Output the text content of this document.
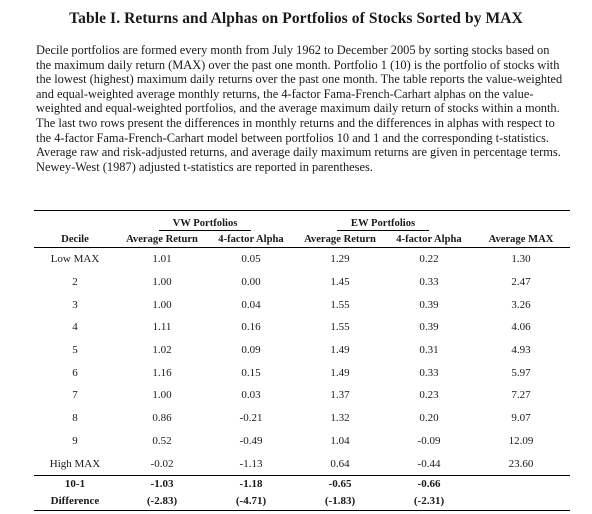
Table I. Returns and Alphas on Portfolios of Stocks Sorted by MAX
Decile portfolios are formed every month from July 1962 to December 2005 by sorting stocks based on
the maximum daily return (MAX) over the past one month. Portfolio 1 (10) is the portfolio of stocks with
the lowest (highest) maximum daily returns over the past one month. The table reports the value-weighted
and equal-weighted average monthly returns, the 4-factor Fama-French-Carhart alphas on the value-
weighted and equal-weighted portfolios, and the average maximum daily return of stocks within a month.
The last two rows present the differences in monthly returns and the differences in alphas with respect to
the 4-factor Fama-French-Carhart model between portfolios 10 and 1 and the corresponding t-statistics.
Average raw and risk-adjusted returns, and average daily maximum returns are given in percentage terms.
Newey-West (1987) adjusted t-statistics are reported in parentheses.

	VW Portfolios		EW Portfolios		
Decile	Average Return	4-factor Alpha	Average Return	4-factor Alpha	Average MAX
Low MAX	1.01	0.05	1.29	0.22	1.30
2	1.00	0.00	1.45	0.33	2.47
3	1.00	0.04	1.55	0.39	3.26
4	1.11	0.16	1.55	0.39	4.06
5	1.02	0.09	1.49	0.31	4.93
6	1.16	0.15	1.49	0.33	5.97
7	1.00	0.03	1.37	0.23	7.27
8	0.86	-0.21	1.32	0.20	9.07
9	0.52	-0.49	1.04	-0.09	12.09
High MAX	-0.02	-1.13	0.64	-0.44	23.60
10-1	-1.03	-1.18	-0.65	-0.66	
Difference	(-2.83)	(-4.71)	(-1.83)	(-2.31)	
